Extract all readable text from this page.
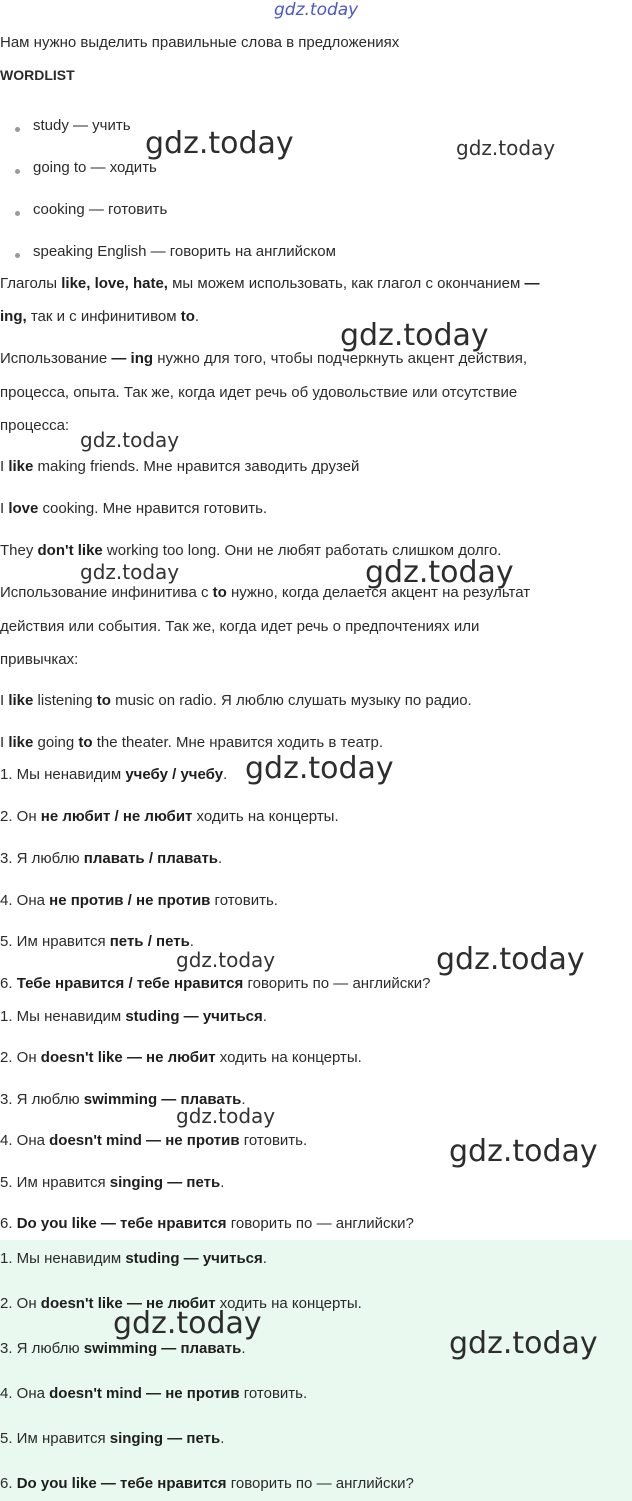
gdz.today
Нам нужно выделить правильные слова в предложениях
WORDLIST
study — учить
going to — ходить
cooking — готовить
speaking English — говорить на английском
Глаголы like, love, hate, мы можем использовать, как глагол с окончанием —
ing, так и с инфинитивом to.
Использование — ing нужно для того, чтобы подчеркнуть акцент действия,
процесса, опыта. Так же, когда идет речь об удовольствие или отсутствие
процесса:
I like making friends. Мне нравится заводить друзей
I love cooking. Мне нравится готовить.
They don't like working too long. Они не любят работать слишком долго.
Использование инфинитива с to нужно, когда делается акцент на результат
действия или события. Так же, когда идет речь о предпочтениях или
привычках:
I like listening to music on radio. Я люблю слушать музыку по радио.
I like going to the theater. Мне нравится ходить в театр.
1. Мы ненавидим учебу / учебу.
2. Он не любит / не любит ходить на концерты.
3. Я люблю плавать / плавать.
4. Она не против / не против готовить.
5. Им нравится петь / петь.
6. Тебе нравится / тебе нравится говорить по — английски?
1. Мы ненавидим studing — учиться.
2. Он doesn't like — не любит ходить на концерты.
3. Я люблю swimming — плавать.
4. Она doesn't mind — не против готовить.
5. Им нравится singing — петь.
6. Do you like — тебе нравится говорить по — английски?
1. Мы ненавидим studing — учиться.
2. Он doesn't like — не любит ходить на концерты.
3. Я люблю swimming — плавать.
4. Она doesn't mind — не против готовить.
5. Им нравится singing — петь.
6. Do you like — тебе нравится говорить по — английски?
gdz.today	gdz.today
gdz.today
gdz.today
gdz.today	gdz.today
gdz.today
gdz.today	gdz.today
gdz.today
gdz.today
gdz.today
gdz.today
